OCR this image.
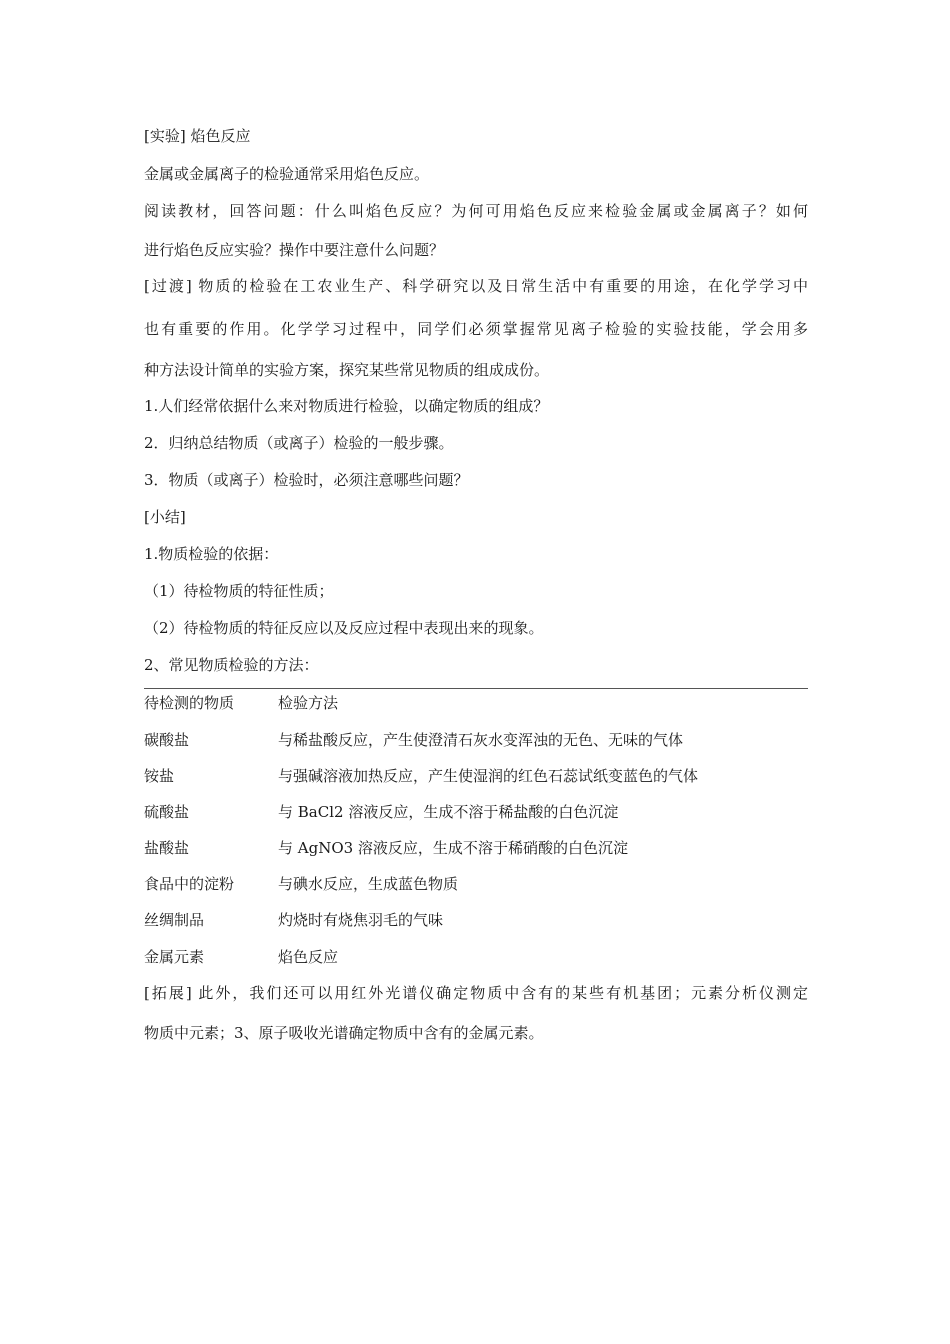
[实验] 焰色反应
金属或金属离子的检验通常采用焰色反应。
阅读教材，回答问题：什么叫焰色反应？为何可用焰色反应来检验金属或金属离子？如何
进行焰色反应实验？操作中要注意什么问题？
[过渡] 物质的检验在工农业生产、科学研究以及日常生活中有重要的用途，在化学学习中
也有重要的作用。化学学习过程中，同学们必须掌握常见离子检验的实验技能，学会用多
种方法设计简单的实验方案，探究某些常见物质的组成成份。
1.人们经常依据什么来对物质进行检验，以确定物质的组成？
2．归纳总结物质（或离子）检验的一般步骤。
3．物质（或离子）检验时，必须注意哪些问题？
[小结]
1.物质检验的依据：
（1）待检物质的特征性质；
（2）待检物质的特征反应以及反应过程中表现出来的现象。
2、常见物质检验的方法：
待检测的物质	检验方法
碳酸盐	与稀盐酸反应，产生使澄清石灰水变浑浊的无色、无味的气体
铵盐	与强碱溶液加热反应，产生使湿润的红色石蕊试纸变蓝色的气体
硫酸盐	与 BaCl2 溶液反应，生成不溶于稀盐酸的白色沉淀
盐酸盐	与 AgNO3 溶液反应，生成不溶于稀硝酸的白色沉淀
食品中的淀粉	与碘水反应，生成蓝色物质
丝绸制品	灼烧时有烧焦羽毛的气味
金属元素	焰色反应
[拓展] 此外，我们还可以用红外光谱仪确定物质中含有的某些有机基团；元素分析仪测定
物质中元素；3、原子吸收光谱确定物质中含有的金属元素。
